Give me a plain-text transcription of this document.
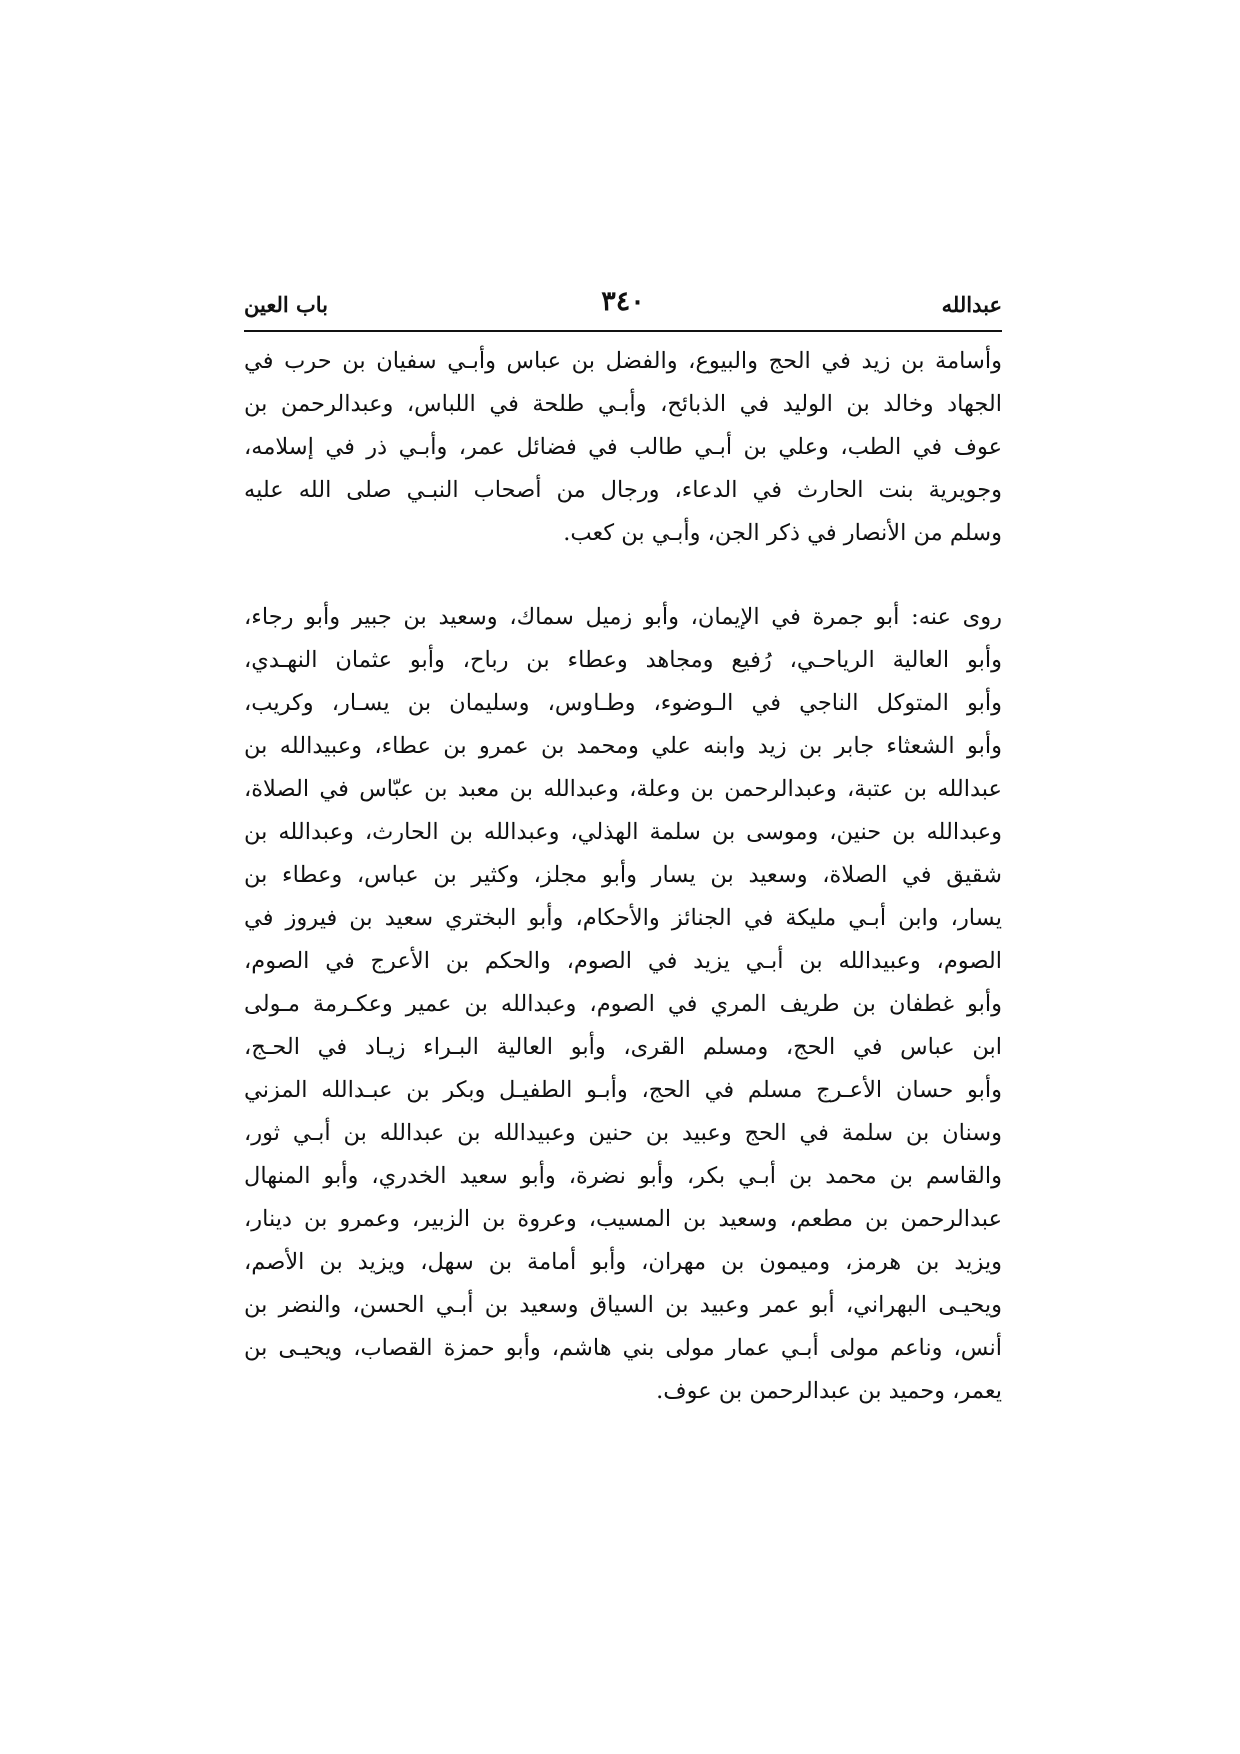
عبدالله
٣٤٠
باب العين
وأسامة بن زيد في الحج والبيوع، والفضل بن عباس وأبـي سفيان بن حرب في
الجهاد وخالد بن الوليد في الذبائح، وأبـي طلحة في اللباس، وعبدالرحمن بن
عوف في الطب، وعلي بن أبـي طالب في فضائل عمر، وأبـي ذر في إسلامه،
وجويرية بنت الحارث في الدعاء، ورجال من أصحاب النبـي صلى الله عليه
وسلم من الأنصار في ذكر الجن، وأبـي بن كعب.
روى عنه: أبو جمرة في الإيمان، وأبو زميل سماك، وسعيد بن جبير وأبو رجاء،
وأبو العالية الرياحـي، رُفيع ومجاهد وعطاء بن رباح، وأبو عثمان النهـدي،
وأبو المتوكل الناجي في الـوضوء، وطـاوس، وسليمان بن يسـار، وكريب،
وأبو الشعثاء جابر بن زيد وابنه علي ومحمد بن عمرو بن عطاء، وعبيدالله بن
عبدالله بن عتبة، وعبدالرحمن بن وعلة، وعبدالله بن معبد بن عبّاس في الصلاة،
وعبدالله بن حنين، وموسى بن سلمة الهذلي، وعبدالله بن الحارث، وعبدالله بن
شقيق في الصلاة، وسعيد بن يسار وأبو مجلز، وكثير بن عباس، وعطاء بن
يسار، وابن أبـي مليكة في الجنائز والأحكام، وأبو البختري سعيد بن فيروز في
الصوم، وعبيدالله بن أبـي يزيد في الصوم، والحكم بن الأعرج في الصوم،
وأبو غطفان بن طريف المري في الصوم، وعبدالله بن عمير وعكـرمة مـولى
ابن عباس في الحج، ومسلم القرى، وأبو العالية البـراء زيـاد في الحـج،
وأبو حسان الأعـرج مسلم في الحج، وأبـو الطفيـل وبكر بن عبـدالله المزني
وسنان بن سلمة في الحج وعبيد بن حنين وعبيدالله بن عبدالله بن أبـي ثور،
والقاسم بن محمد بن أبـي بكر، وأبو نضرة، وأبو سعيد الخدري، وأبو المنهال
عبدالرحمن بن مطعم، وسعيد بن المسيب، وعروة بن الزبير، وعمرو بن دينار،
ويزيد بن هرمز، وميمون بن مهران، وأبو أمامة بن سهل، ويزيد بن الأصم،
ويحيـى البهراني، أبو عمر وعبيد بن السياق وسعيد بن أبـي الحسن، والنضر بن
أنس، وناعم مولى أبـي عمار مولى بني هاشم، وأبو حمزة القصاب، ويحيـى بن
يعمر، وحميد بن عبدالرحمن بن عوف.
